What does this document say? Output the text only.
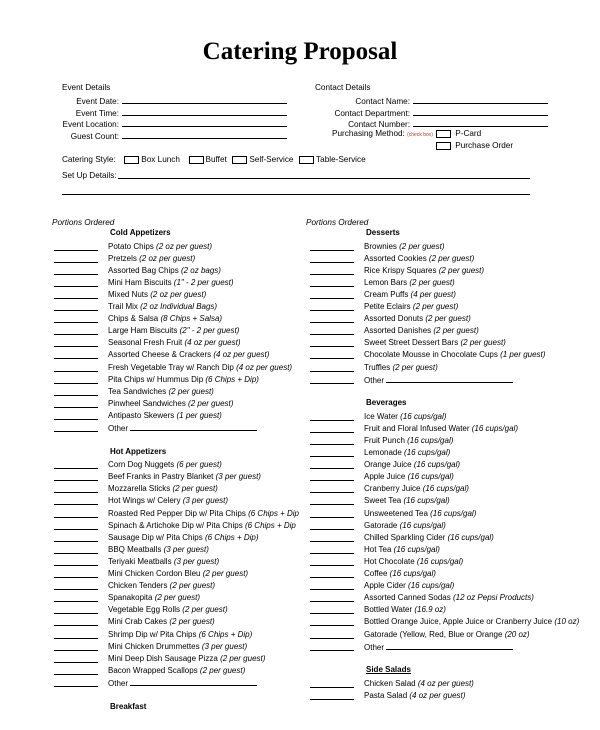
Catering Proposal
Event Details
Event Date:
Event Time:
Event Location:
Guest Count:
Contact Details
Purchasing Method: (check box)	P-Card
Purchase Order
Contact Name:
Contact Department:
Contact Number:
Catering Style:	Box Lunch	Buffet	Self-Service	Table-Service
Set Up Details:
Portions Ordered	Portions Ordered
Cold Appetizers
Potato Chips (2 oz per guest)
Pretzels (2 oz per guest)
Assorted Bag Chips (2 oz bags)
Mini Ham Biscuits (1" - 2 per guest)
Mixed Nuts (2 oz per guest)
Trail Mix (2 oz Individual Bags)
Chips & Salsa (8 Chips + Salsa)
Large Ham Biscuits (2" - 2 per guest)
Seasonal Fresh Fruit (4 oz per guest)
Assorted Cheese & Crackers (4 oz per guest)
Fresh Vegetable Tray w/ Ranch Dip (4 oz per guest)
Pita Chips w/ Hummus Dip (6 Chips + Dip)
Tea Sandwiches (2 per guest)
Pinwheel Sandwiches (2 per guest)
Antipasto Skewers (1 per guest)
Other
Hot Appetizers
Corn Dog Nuggets (6 per guest)
Beef Franks in Pastry Blanket (3 per guest)
Mozzarella Sticks (2 per guest)
Hot Wings w/ Celery (3 per guest)
Roasted Red Pepper Dip w/ Pita Chips (6 Chips + Dip
Spinach & Artichoke Dip w/ Pita Chips (6 Chips + Dip
Sausage Dip w/ Pita Chips (6 Chips + Dip)
BBQ Meatballs (3 per guest)
Teriyaki Meatballs (3 per guest)
Mini Chicken Cordon Bleu (2 per guest)
Chicken Tenders (2 per guest)
Spanakopita (2 per guest)
Vegetable Egg Rolls (2 per guest)
Mini Crab Cakes (2 per guest)
Shrimp Dip w/ Pita Chips (6 Chips + Dip)
Mini Chicken Drummettes (3 per guest)
Mini Deep Dish Sausage Pizza (2 per guest)
Bacon Wrapped Scallops (2 per guest)
Other
Breakfast
Desserts
Brownies (2 per guest)
Assorted Cookies (2 per guest)
Rice Krispy Squares (2 per guest)
Lemon Bars (2 per guest)
Cream Puffs (4 per guest)
Petite Eclairs (2 per guest)
Assorted Donuts (2 per guest)
Assorted Danishes (2 per guest)
Sweet Street Dessert Bars (2 per guest)
Chocolate Mousse in Chocolate Cups (1 per guest)
Truffles (2 per guest)
Other
Beverages
Ice Water (16 cups/gal)
Fruit and Floral Infused Water (16 cups/gal)
Fruit Punch (16 cups/gal)
Lemonade (16 cups/gal)
Orange Juice (16 cups/gal)
Apple Juice (16 cups/gal)
Cranberry Juice (16 cups/gal)
Sweet Tea (16 cups/gal)
Unsweetened Tea (16 cups/gal)
Gatorade (16 cups/gal)
Chilled Sparkling Cider (16 cups/gal)
Hot Tea (16 cups/gal)
Hot Chocolate (16 cups/gal)
Coffee (16 cups/gal)
Apple Cider (16 cups/gal)
Assorted Canned Sodas (12 oz Pepsi Products)
Bottled Water (16.9 oz)
Bottled Orange Juice, Apple Juice or Cranberry Juice (10 oz)
Gatorade (Yellow, Red, Blue or Orange (20 oz)
Other
Side Salads
Chicken Salad (4 oz per guest)
Pasta Salad (4 oz per guest)
